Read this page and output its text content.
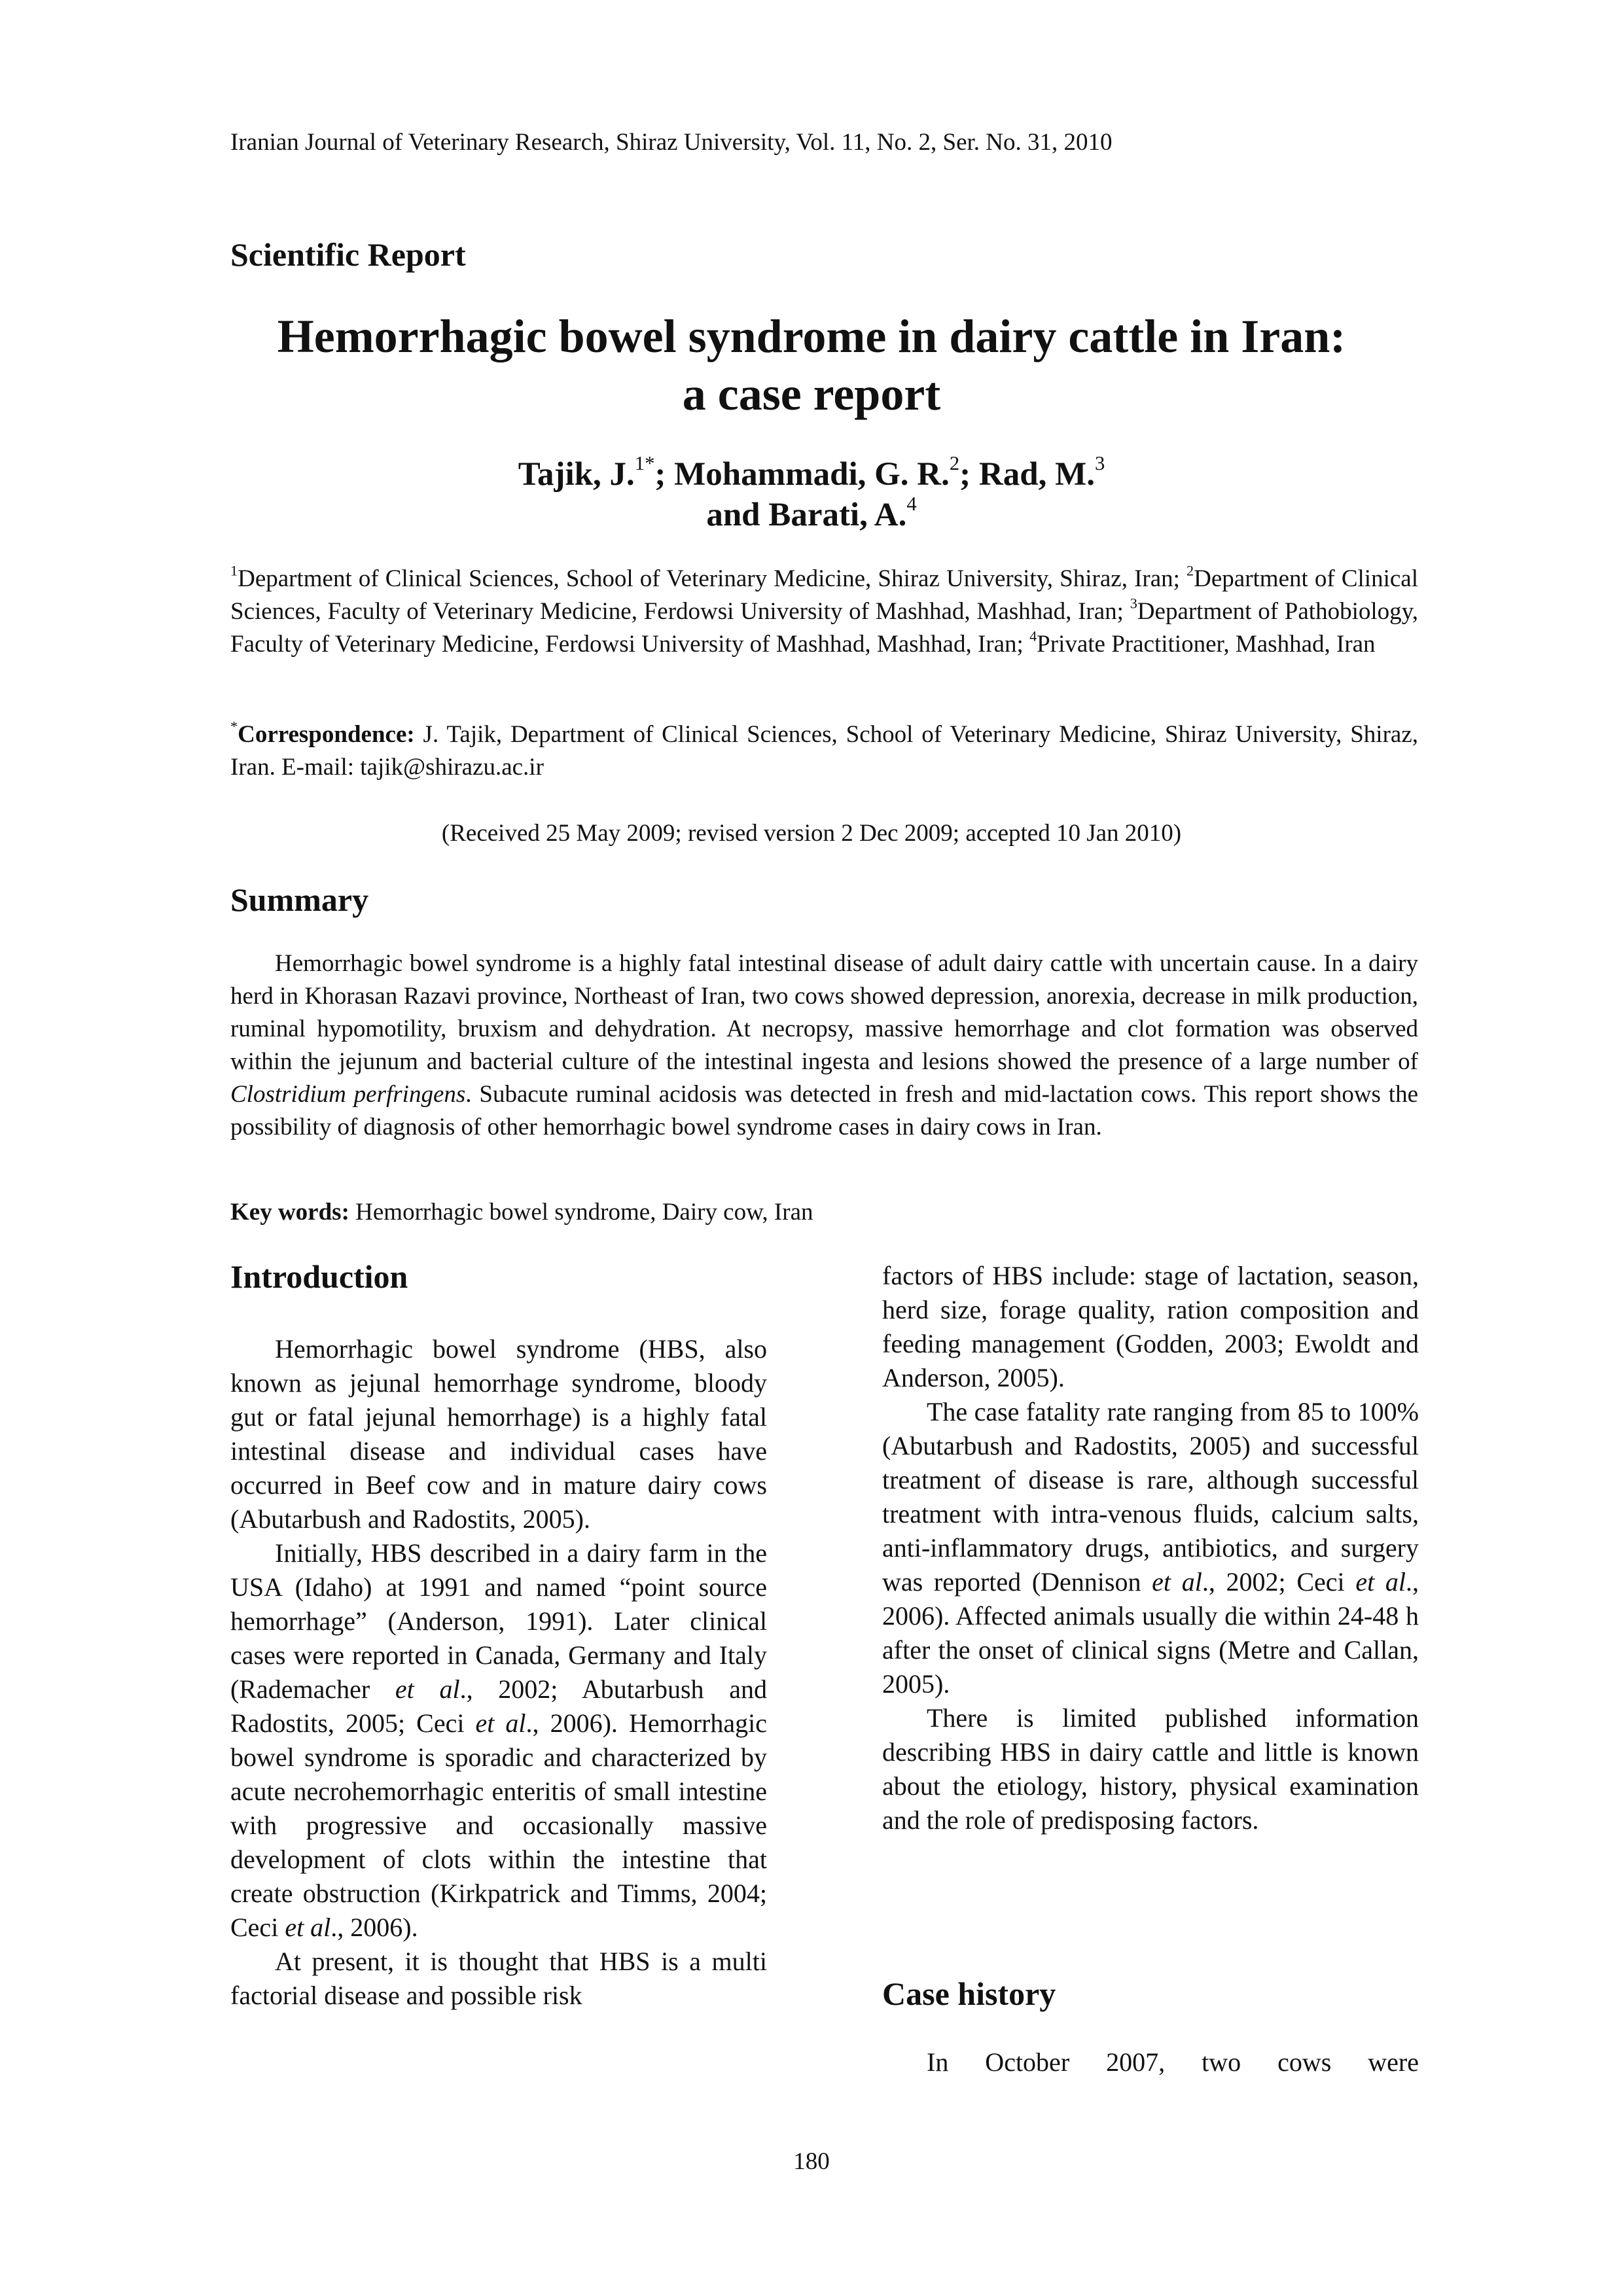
Iranian Journal of Veterinary Research, Shiraz University, Vol. 11, No. 2, Ser. No. 31, 2010
Scientific Report
Hemorrhagic bowel syndrome in dairy cattle in Iran:
a case report
Tajik, J.$^{1*}$; Mohammadi, G. R.$^2$; Rad, M.$^3$
and Barati, A.$^4$
$^1$Department of Clinical Sciences, School of Veterinary Medicine, Shiraz University, Shiraz, Iran; $^2$Department of Clinical Sciences, Faculty of Veterinary Medicine, Ferdowsi University of Mashhad, Mashhad, Iran; $^3$Department of Pathobiology, Faculty of Veterinary Medicine, Ferdowsi University of Mashhad, Mashhad, Iran; $^4$Private Practitioner, Mashhad, Iran
*Correspondence: J. Tajik, Department of Clinical Sciences, School of Veterinary Medicine, Shiraz University, Shiraz, Iran. E-mail: tajik@shirazu.ac.ir
(Received 25 May 2009; revised version 2 Dec 2009; accepted 10 Jan 2010)
Summary

Hemorrhagic bowel syndrome is a highly fatal intestinal disease of adult dairy cattle with uncertain cause. In a dairy herd in Khorasan Razavi province, Northeast of Iran, two cows showed depression, anorexia, decrease in milk production, ruminal hypomotility, bruxism and dehydration. At necropsy, massive hemorrhage and clot formation was observed within the jejunum and bacterial culture of the intestinal ingesta and lesions showed the presence of a large number of Clostridium perfringens. Subacute ruminal acidosis was detected in fresh and mid-lactation cows. This report shows the possibility of diagnosis of other hemorrhagic bowel syndrome cases in dairy cows in Iran.

Key words: Hemorrhagic bowel syndrome, Dairy cow, Iran
Introduction

Hemorrhagic bowel syndrome (HBS, also known as jejunal hemorrhage syndrome, bloody gut or fatal jejunal hemorrhage) is a highly fatal intestinal disease and individual cases have occurred in Beef cow and in mature dairy cows (Abutarbush and Radostits, 2005).

Initially, HBS described in a dairy farm in the USA (Idaho) at 1991 and named “point source hemorrhage” (Anderson, 1991). Later clinical cases were reported in Canada, Germany and Italy (Rademacher et al., 2002; Abutarbush and Radostits, 2005; Ceci et al., 2006). Hemorrhagic bowel syndrome is sporadic and characterized by acute necrohemorrhagic enteritis of small intestine with progressive and occasionally massive development of clots within the intestine that create obstruction (Kirkpatrick and Timms, 2004; Ceci et al., 2006).

At present, it is thought that HBS is a multi factorial disease and possible risk

factors of HBS include: stage of lactation, season, herd size, forage quality, ration composition and feeding management (Godden, 2003; Ewoldt and Anderson, 2005).

The case fatality rate ranging from 85 to 100% (Abutarbush and Radostits, 2005) and successful treatment of disease is rare, although successful treatment with intra-venous fluids, calcium salts, anti-inflammatory drugs, antibiotics, and surgery was reported (Dennison et al., 2002; Ceci et al., 2006). Affected animals usually die within 24-48 h after the onset of clinical signs (Metre and Callan, 2005).

There is limited published information describing HBS in dairy cattle and little is known about the etiology, history, physical examination and the role of predisposing factors.

Case history

In October 2007, two cows were

180
